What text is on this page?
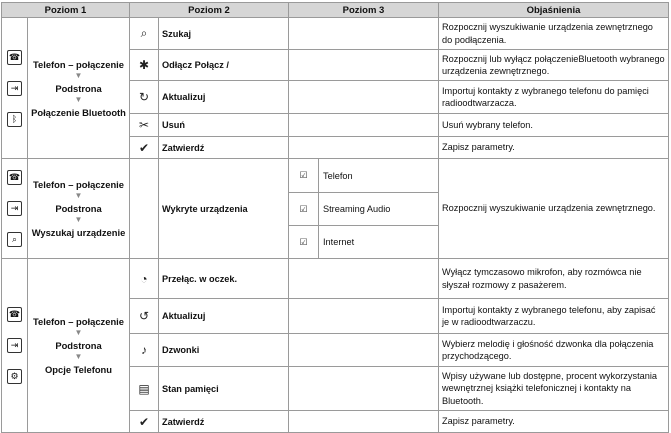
Poziom 1		Poziom 2		Poziom 3		Objaśnienia
☎
⇥
ᛒ	Telefon – połączenie
▼
Podstrona
▼
Połączenie Bluetooth	⌕	Szukaj			Rozpocznij wyszukiwanie urządzenia zewnętrznego do podłączenia.
		✱	Odłącz Połącz /			Rozpocznij lub wyłącz połączenieBluetooth wybranego urządzenia zewnętrznego.
		↻	Aktualizuj			Importuj kontakty z wybranego telefonu do pamięci radioodtwarzacza.
		✂	Usuń			Usuń wybrany telefon.
		✔	Zatwierdź			Zapisz parametry.
☎
⇥
⌕	Telefon – połączenie
▼
Podstrona
▼
Wyszukaj urządzenie		Wykryte urządzenia	☑	Telefon	Rozpocznij wyszukiwanie urządzenia zewnętrznego.
				☑	Streaming Audio	
				☑	Internet	
☎
⇥
⚙	Telefon – połączenie
▼
Podstrona
▼
Opcje Telefonu	◔	Przełąc. w oczek.			Wyłącz tymczasowo mikrofon, aby rozmówca nie słyszał rozmowy z pasażerem.
		↺	Aktualizuj			Importuj kontakty z wybranego telefonu, aby zapisać je w radioodtwarzaczu.
		♪	Dzwonki			Wybierz melodię i głośność dzwonka dla połączenia przychodzącego.
		▤	Stan pamięci			Wpisy używane lub dostępne, procent wykorzystania wewnętrznej książki telefonicznej i kontakty na Bluetooth.
		✔	Zatwierdź			Zapisz parametry.
